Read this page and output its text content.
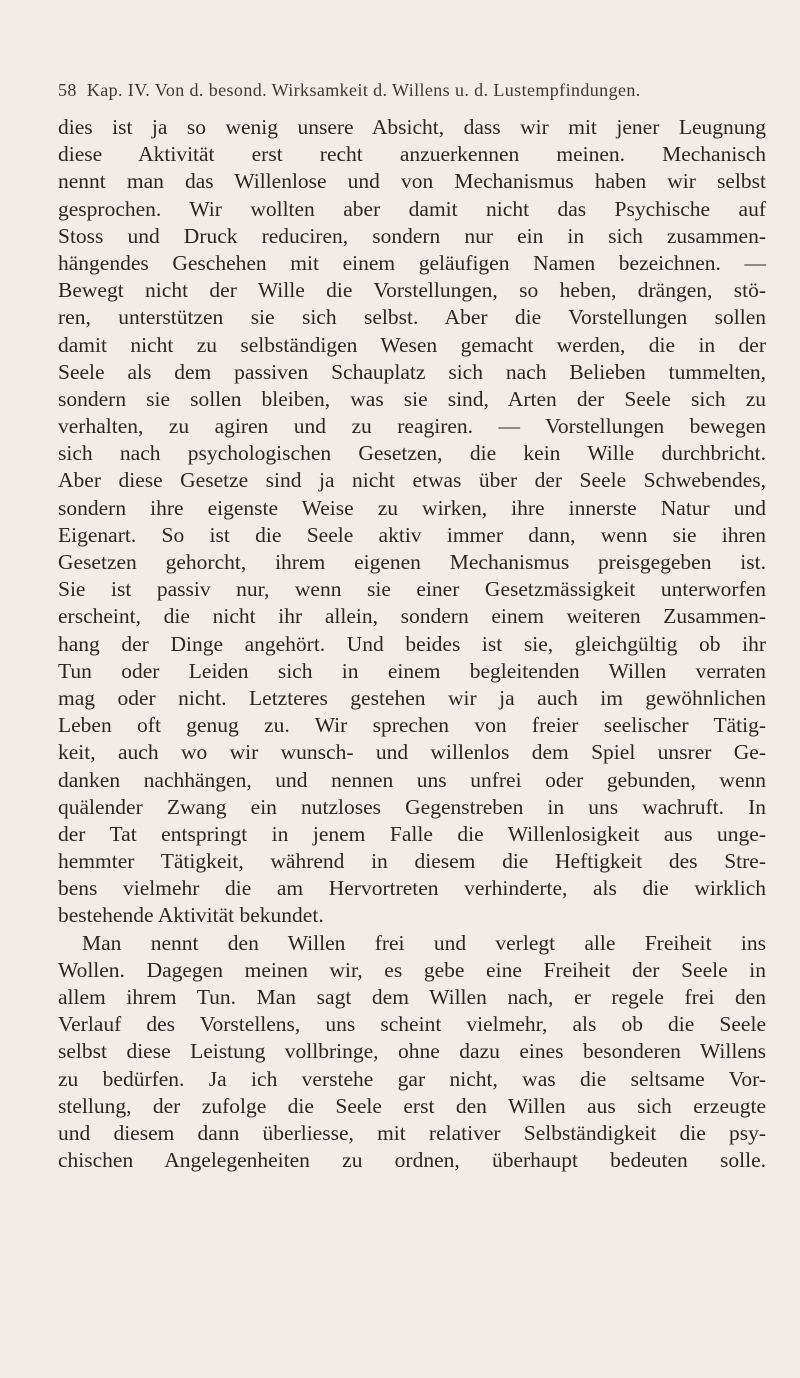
58 Kap. IV. Von d. besond. Wirksamkeit d. Willens u. d. Lustempfindungen.
dies ist ja so wenig unsere Absicht, dass wir mit jener Leugnung
diese Aktivität erst recht anzuerkennen meinen. Mechanisch
nennt man das Willenlose und von Mechanismus haben wir selbst
gesprochen. Wir wollten aber damit nicht das Psychische auf
Stoss und Druck reduciren, sondern nur ein in sich zusammen-
hängendes Geschehen mit einem geläufigen Namen bezeichnen. —
Bewegt nicht der Wille die Vorstellungen, so heben, drängen, stö-
ren, unterstützen sie sich selbst. Aber die Vorstellungen sollen
damit nicht zu selbständigen Wesen gemacht werden, die in der
Seele als dem passiven Schauplatz sich nach Belieben tummelten,
sondern sie sollen bleiben, was sie sind, Arten der Seele sich zu
verhalten, zu agiren und zu reagiren. — Vorstellungen bewegen
sich nach psychologischen Gesetzen, die kein Wille durchbricht.
Aber diese Gesetze sind ja nicht etwas über der Seele Schwebendes,
sondern ihre eigenste Weise zu wirken, ihre innerste Natur und
Eigenart. So ist die Seele aktiv immer dann, wenn sie ihren
Gesetzen gehorcht, ihrem eigenen Mechanismus preisgegeben ist.
Sie ist passiv nur, wenn sie einer Gesetzmässigkeit unterworfen
erscheint, die nicht ihr allein, sondern einem weiteren Zusammen-
hang der Dinge angehört. Und beides ist sie, gleichgültig ob ihr
Tun oder Leiden sich in einem begleitenden Willen verraten
mag oder nicht. Letzteres gestehen wir ja auch im gewöhnlichen
Leben oft genug zu. Wir sprechen von freier seelischer Tätig-
keit, auch wo wir wunsch- und willenlos dem Spiel unsrer Ge-
danken nachhängen, und nennen uns unfrei oder gebunden, wenn
quälender Zwang ein nutzloses Gegenstreben in uns wachruft. In
der Tat entspringt in jenem Falle die Willenlosigkeit aus unge-
hemmter Tätigkeit, während in diesem die Heftigkeit des Stre-
bens vielmehr die am Hervortreten verhinderte, als die wirklich
bestehende Aktivität bekundet.
Man nennt den Willen frei und verlegt alle Freiheit ins
Wollen. Dagegen meinen wir, es gebe eine Freiheit der Seele in
allem ihrem Tun. Man sagt dem Willen nach, er regele frei den
Verlauf des Vorstellens, uns scheint vielmehr, als ob die Seele
selbst diese Leistung vollbringe, ohne dazu eines besonderen Willens
zu bedürfen. Ja ich verstehe gar nicht, was die seltsame Vor-
stellung, der zufolge die Seele erst den Willen aus sich erzeugte
und diesem dann überliesse, mit relativer Selbständigkeit die psy-
chischen Angelegenheiten zu ordnen, überhaupt bedeuten solle.
